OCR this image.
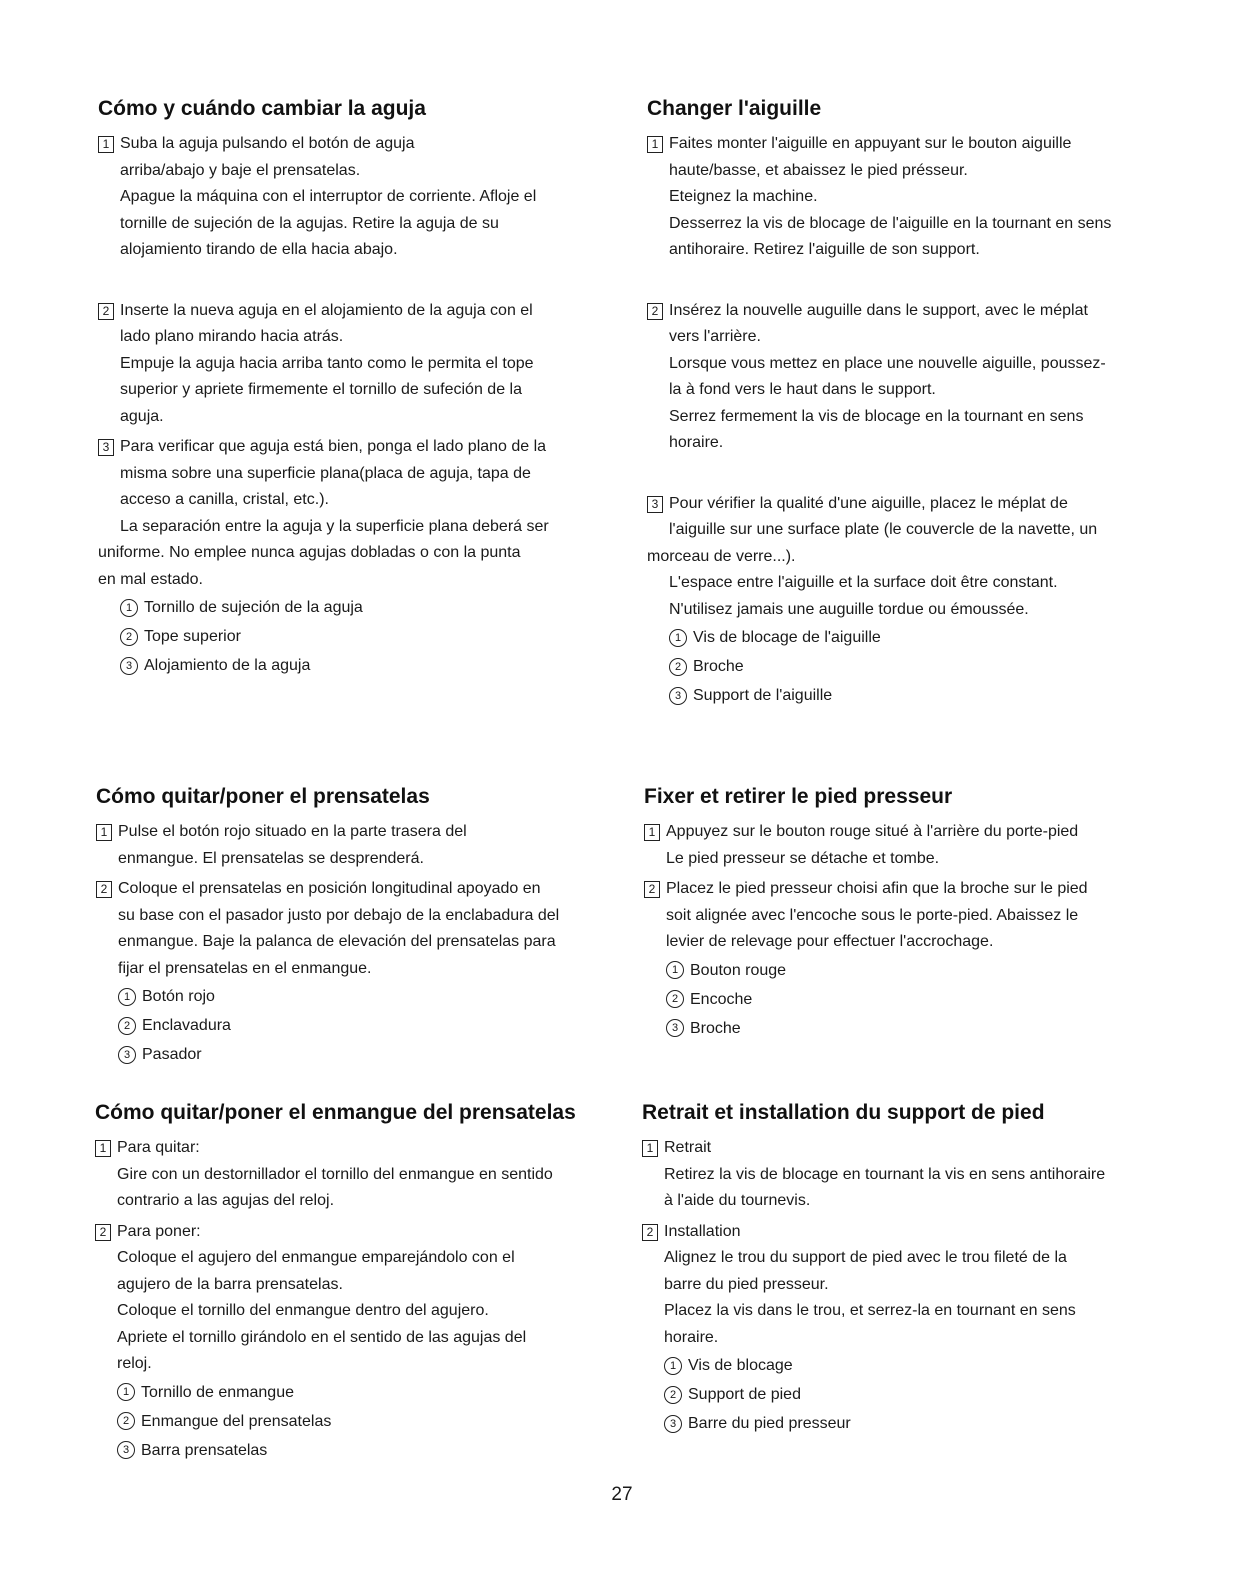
Cómo y cuándo cambiar la aguja
1 Suba la aguja pulsando el botón de aguja
arriba/abajo y baje el prensatelas.
Apague la máquina con el interruptor de corriente. Afloje el
tornille de sujeción de la agujas. Retire la aguja de su
alojamiento tirando de ella hacia abajo.
2 Inserte la nueva aguja en el alojamiento de la aguja con el
lado plano mirando hacia atrás.
Empuje la aguja hacia arriba tanto como le permita el tope
superior y apriete firmemente el tornillo de sufeción de la
aguja.
3 Para verificar que aguja está bien, ponga el lado plano de la
misma sobre una superficie plana(placa de aguja, tapa de
acceso a canilla, cristal, etc.).
La separación entre la aguja y la superficie plana deberá ser
uniforme. No emplee nunca agujas dobladas o con la punta
en mal estado.
1 Tornillo de sujeción de la aguja
2 Tope superior
3 Alojamiento de la aguja
Cómo quitar/poner el prensatelas
1 Pulse el botón rojo situado en la parte trasera del
enmangue. El prensatelas se desprenderá.
2 Coloque el prensatelas en posición longitudinal apoyado en
su base con el pasador justo por debajo de la enclabadura del
enmangue. Baje la palanca de elevación del prensatelas para
fijar el prensatelas en el enmangue.
1 Botón rojo
2 Enclavadura
3 Pasador
Cómo quitar/poner el enmangue del prensatelas
1 Para quitar:
Gire con un destornillador el tornillo del enmangue en sentido
contrario a las agujas del reloj.
2 Para poner:
Coloque el agujero del enmangue emparejándolo con el
agujero de la barra prensatelas.
Coloque el tornillo del enmangue dentro del agujero.
Apriete el tornillo girándolo en el sentido de las agujas del
reloj.
1 Tornillo de enmangue
2 Enmangue del prensatelas
3 Barra prensatelas
Changer l'aiguille
1 Faites monter l'aiguille en appuyant sur le bouton aiguille
haute/basse, et abaissez le pied présseur.
Eteignez la machine.
Desserrez la vis de blocage de l'aiguille en la tournant en sens
antihoraire. Retirez l'aiguille de son support.
2 Insérez la nouvelle auguille dans le support, avec le méplat
vers l'arrière.
Lorsque vous mettez en place une nouvelle aiguille, poussez-
la à fond vers le haut dans le support.
Serrez fermement la vis de blocage en la tournant en sens
horaire.
3 Pour vérifier la qualité d'une aiguille, placez le méplat de
l'aiguille sur une surface plate (le couvercle de la navette, un
morceau de verre...).
L'espace entre l'aiguille et la surface doit être constant.
N'utilisez jamais une auguille tordue ou émoussée.
1 Vis de blocage de l'aiguille
2 Broche
3 Support de l'aiguille
Fixer et retirer le pied presseur
1 Appuyez sur le bouton rouge situé à l'arrière du porte-pied
Le pied presseur se détache et tombe.
2 Placez le pied presseur choisi afin que la broche sur le pied
soit alignée avec l'encoche sous le porte-pied. Abaissez le
levier de relevage pour effectuer l'accrochage.
1 Bouton rouge
2 Encoche
3 Broche
Retrait et installation du support de pied
1 Retrait
Retirez la vis de blocage en tournant la vis en sens antihoraire
à l'aide du tournevis.
2 Installation
Alignez le trou du support de pied avec le trou fileté de la
barre du pied presseur.
Placez la vis dans le trou, et serrez-la en tournant en sens
horaire.
1 Vis de blocage
2 Support de pied
3 Barre du pied presseur
27
